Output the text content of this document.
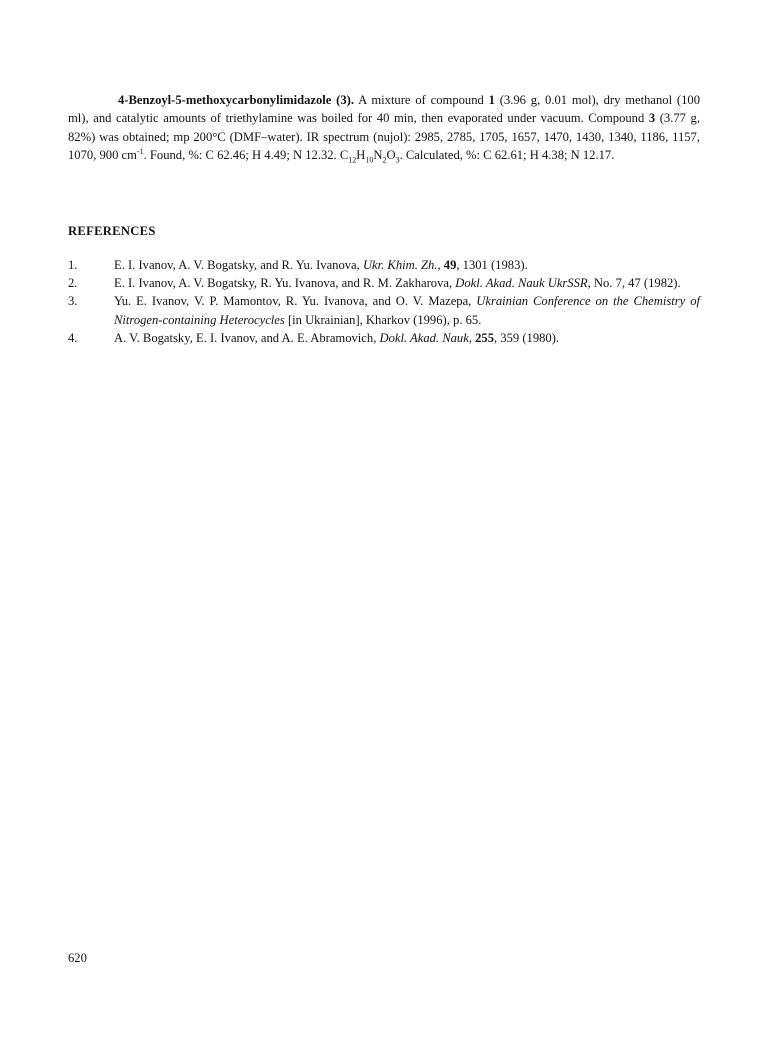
4-Benzoyl-5-methoxycarbonylimidazole (3). A mixture of compound 1 (3.96 g, 0.01 mol), dry methanol (100 ml), and catalytic amounts of triethylamine was boiled for 40 min, then evaporated under vacuum. Compound 3 (3.77 g, 82%) was obtained; mp 200°C (DMF–water). IR spectrum (nujol): 2985, 2785, 1705, 1657, 1470, 1430, 1340, 1186, 1157, 1070, 900 $cm^{-1}$. Found, %: C 62.46; H 4.49; N 12.32. $C_{12}H_{10}N_2O_3$. Calculated, %: C 62.61; H 4.38; N 12.17.
REFERENCES
1.	E. I. Ivanov, A. V. Bogatsky, and R. Yu. Ivanova, Ukr. Khim. Zh., 49, 1301 (1983).
2.	E. I. Ivanov, A. V. Bogatsky, R. Yu. Ivanova, and R. M. Zakharova, Dokl. Akad. Nauk UkrSSR, No. 7, 47 (1982).
3.	Yu. E. Ivanov, V. P. Mamontov, R. Yu. Ivanova, and O. V. Mazepa, Ukrainian Conference on the Chemistry of Nitrogen-containing Heterocycles [in Ukrainian], Kharkov (1996), p. 65.
4.	A. V. Bogatsky, E. I. Ivanov, and A. E. Abramovich, Dokl. Akad. Nauk, 255, 359 (1980).
620
